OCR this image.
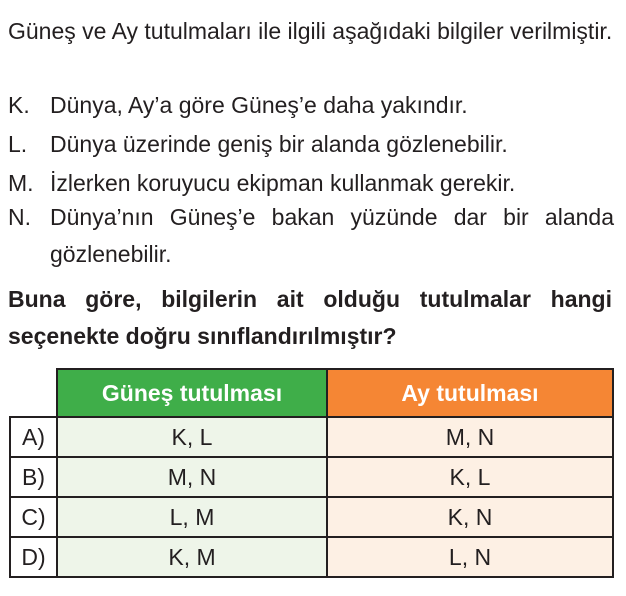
Güneş ve Ay tutulmaları ile ilgili aşağıdaki bilgiler verilmiştir.
K. Dünya, Ay’a göre Güneş’e daha yakındır.
L. Dünya üzerinde geniş bir alanda gözlenebilir.
M. İzlerken koruyucu ekipman kullanmak gerekir.
N. Dünya’nın Güneş’e bakan yüzünde dar bir alanda gözlenebilir.
Buna göre, bilgilerin ait olduğu tutulmalar hangi seçenekte doğru sınıflandırılmıştır?
	Güneş tutulması	Ay tutulması
A)	K, L	M, N
B)	M, N	K, L
C)	L, M	K, N
D)	K, M	L, N
